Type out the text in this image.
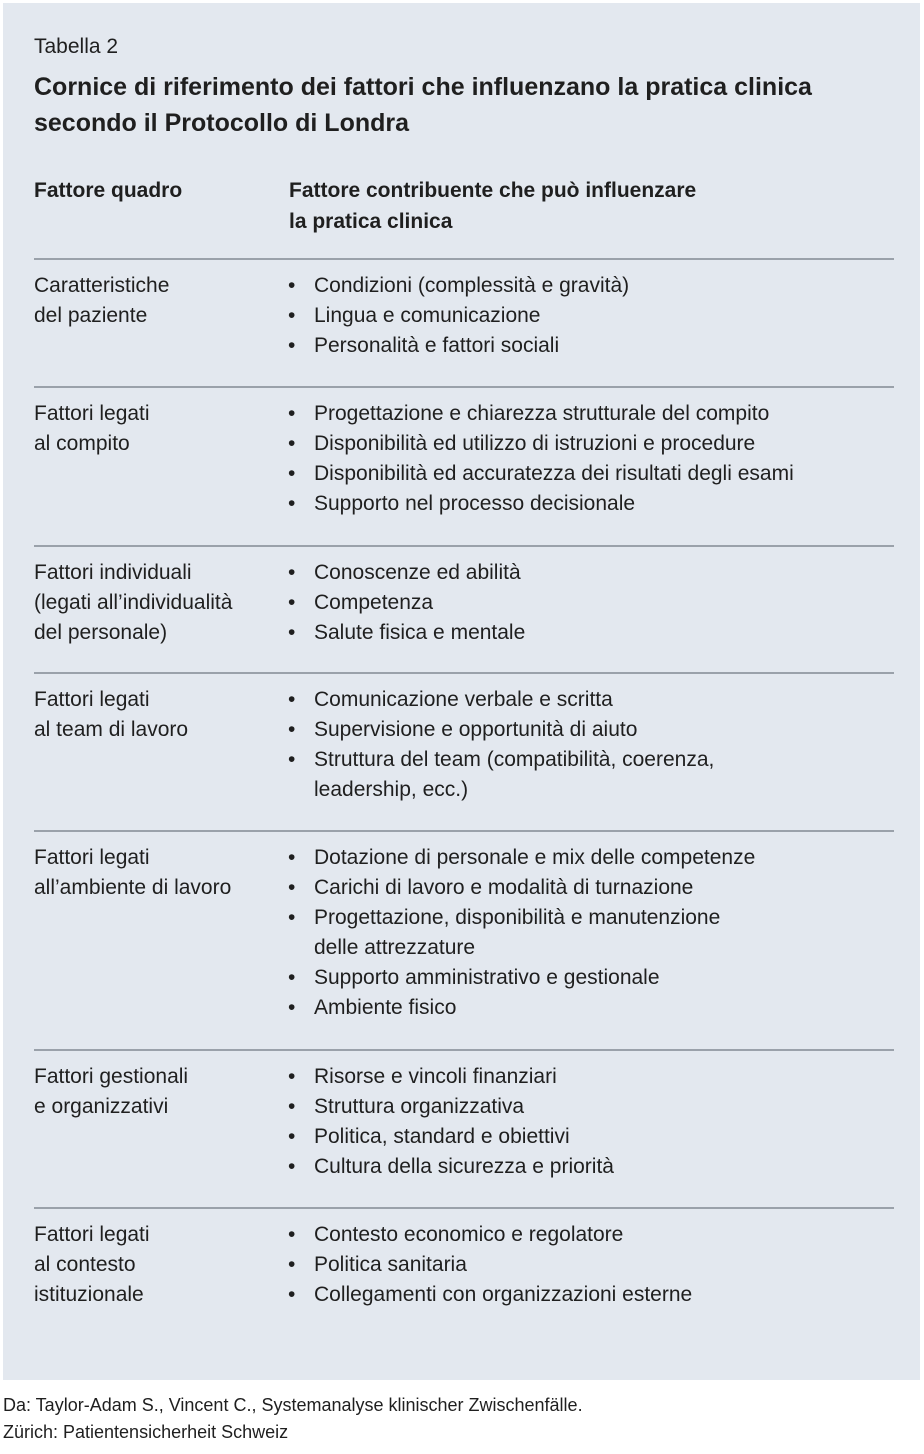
Tabella 2
Cornice di riferimento dei fattori che influenzano la pratica clinica
secondo il Protocollo di Londra
Fattore quadro	Fattore contribuente che può influenzare
la pratica clinica
Caratteristiche
del paziente
• Condizioni (complessità e gravità)
• Lingua e comunicazione
• Personalità e fattori sociali
Fattori legati
al compito
• Progettazione e chiarezza strutturale del compito
• Disponibilità ed utilizzo di istruzioni e procedure
• Disponibilità ed accuratezza dei risultati degli esami
• Supporto nel processo decisionale
Fattori individuali
(legati all’individualità
del personale)
• Conoscenze ed abilità
• Competenza
• Salute fisica e mentale
Fattori legati
al team di lavoro
• Comunicazione verbale e scritta
• Supervisione e opportunità di aiuto
• Struttura del team (compatibilità, coerenza,
leadership, ecc.)
Fattori legati
all’ambiente di lavoro
• Dotazione di personale e mix delle competenze
• Carichi di lavoro e modalità di turnazione
• Progettazione, disponibilità e manutenzione
delle attrezzature
• Supporto amministrativo e gestionale
• Ambiente fisico
Fattori gestionali
e organizzativi
• Risorse e vincoli finanziari
• Struttura organizzativa
• Politica, standard e obiettivi
• Cultura della sicurezza e priorità
Fattori legati
al contesto
istituzionale
• Contesto economico e regolatore
• Politica sanitaria
• Collegamenti con organizzazioni esterne
Da: Taylor-Adam S., Vincent C., Systemanalyse klinischer Zwischenfälle.
Zürich: Patientensicherheit Schweiz
